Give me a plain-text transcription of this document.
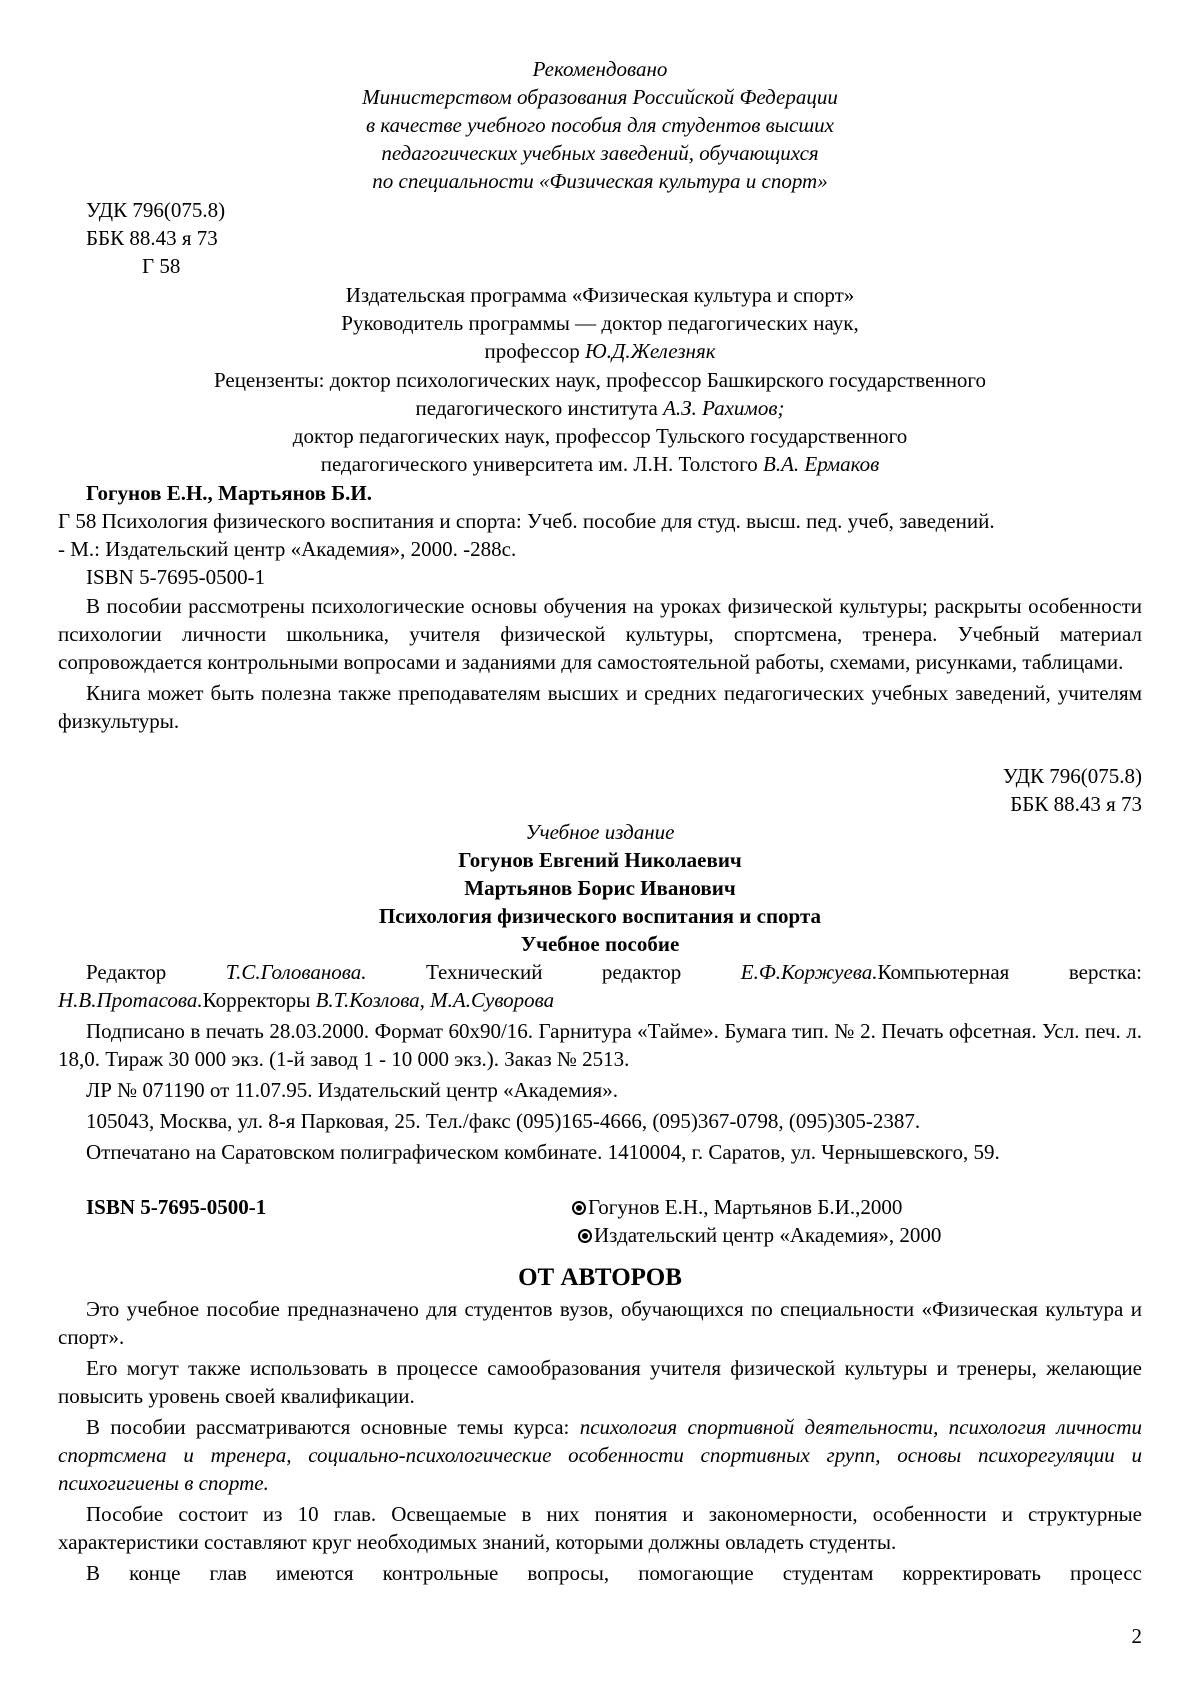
Рекомендовано
Министерством образования Российской Федерации
в качестве учебного пособия для студентов высших
педагогических учебных заведений, обучающихся
по специальности «Физическая культура и спорт»
УДК 796(075.8)
ББК 88.43 я 73
Г 58
Издательская программа «Физическая культура и спорт»
Руководитель программы — доктор педагогических наук,
профессор Ю.Д.Железняк
Рецензенты: доктор психологических наук, профессор Башкирского государственного
педагогического института А.З. Рахимов;
доктор педагогических наук, профессор Тульского государственного
педагогического университета им. Л.Н. Толстого В.А. Ермаков
Гогунов Е.Н., Мартьянов Б.И.
Г 58 Психология физического воспитания и спорта: Учеб. пособие для студ. высш. пед. учеб, заведений.
- М.: Издательский центр «Академия», 2000. -288с.
ISBN 5-7695-0500-1

В пособии рассмотрены психологические основы обучения на уроках физической культуры; раскрыты особенности психологии личности школьника, учителя физической культуры, спортсмена, тренера. Учебный материал сопровождается контрольными вопросами и заданиями для самостоятельной работы, схемами, рисунками, таблицами.

Книга может быть полезна также преподавателям высших и средних педагогических учебных заведений, учителям физкультуры.

УДК 796(075.8)
ББК 88.43 я 73
Учебное издание
Гогунов Евгений Николаевич
Мартьянов Борис Иванович
Психология физического воспитания и спорта
Учебное пособие
Редактор Т.С.Голованова. Технический редактор Е.Ф.Коржуева.Компьютерная верстка:
Н.В.Протасова.Корректоры В.Т.Козлова, М.А.Суворова

Подписано в печать 28.03.2000. Формат 60x90/16. Гарнитура «Тайме». Бумага тип. № 2. Печать офсетная. Усл. печ. л. 18,0. Тираж 30 000 экз. (1-й завод 1 - 10 000 экз.). Заказ № 2513.

ЛР № 071190 от 11.07.95. Издательский центр «Академия».

105043, Москва, ул. 8-я Парковая, 25. Тел./факс (095)165-4666, (095)367-0798, (095)305-2387.

Отпечатано на Саратовском полиграфическом комбинате. 1410004, г. Саратов, ул. Чернышевского, 59.

ISBN 5-7695-0500-1	Гогунов Е.Н., Мартьянов Б.И.,2000
Издательский центр «Академия», 2000
ОТ АВТОРОВ

Это учебное пособие предназначено для студентов вузов, обучающихся по специальности «Физическая культура и спорт».

Его могут также использовать в процессе самообразования учителя физической культуры и тренеры, желающие повысить уровень своей квалификации.

В пособии рассматриваются основные темы курса: психология спортивной деятельности, психология личности спортсмена и тренера, социально-психологические особенности спортивных групп, основы психорегуляции и психогигиены в спорте.

Пособие состоит из 10 глав. Освещаемые в них понятия и закономерности, особенности и структурные характеристики составляют круг необходимых знаний, которыми должны овладеть студенты.

В конце глав имеются контрольные вопросы, помогающие студентам корректировать процесс

2
